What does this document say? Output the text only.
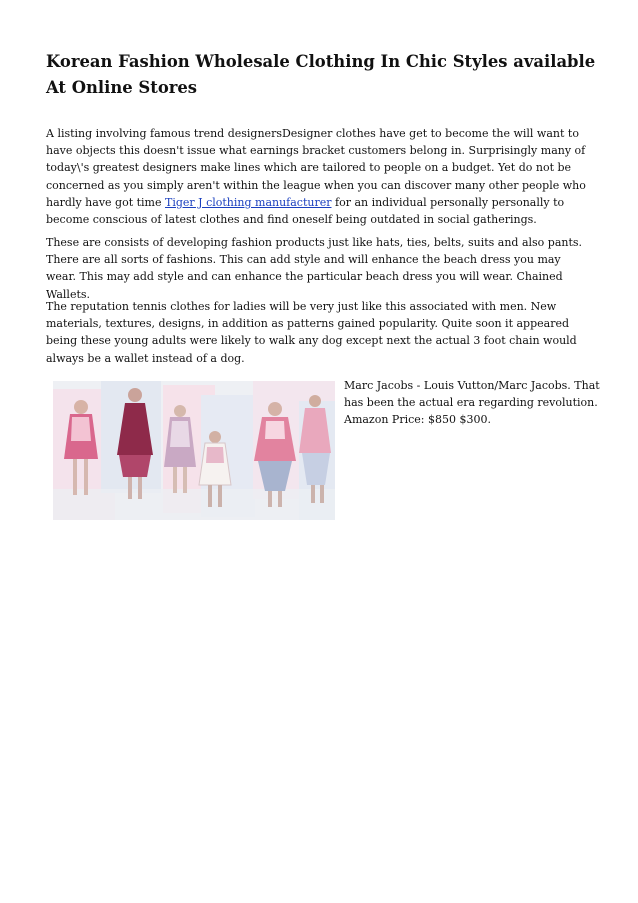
Korean Fashion Wholesale Clothing In Chic Styles available At Online Stores

A listing involving famous trend designersDesigner clothes have get to become the will want to have objects this doesn't issue what earnings bracket customers belong in. Surprisingly many of today\'s greatest designers make lines which are tailored to people on a budget. Yet do not be concerned as you simply aren't within the league when you can discover many other people who hardly have got time Tiger J clothing manufacturer for an individual personally personally to become conscious of latest clothes and find oneself being outdated in social gatherings.

These are consists of developing fashion products just like hats, ties, belts, suits and also pants. There are all sorts of fashions. This can add style and will enhance the beach dress you may wear. This may add style and can enhance the particular beach dress you will wear. Chained Wallets.

The reputation tennis clothes for ladies will be very just like this associated with men. New materials, textures, designs, in addition as patterns gained popularity. Quite soon it appeared being these young adults were likely to walk any dog except next the actual 3 foot chain would always be a wallet instead of a dog.

Marc Jacobs - Louis Vutton/Marc Jacobs. That has been the actual era regarding revolution. Amazon Price: $850 $300.
